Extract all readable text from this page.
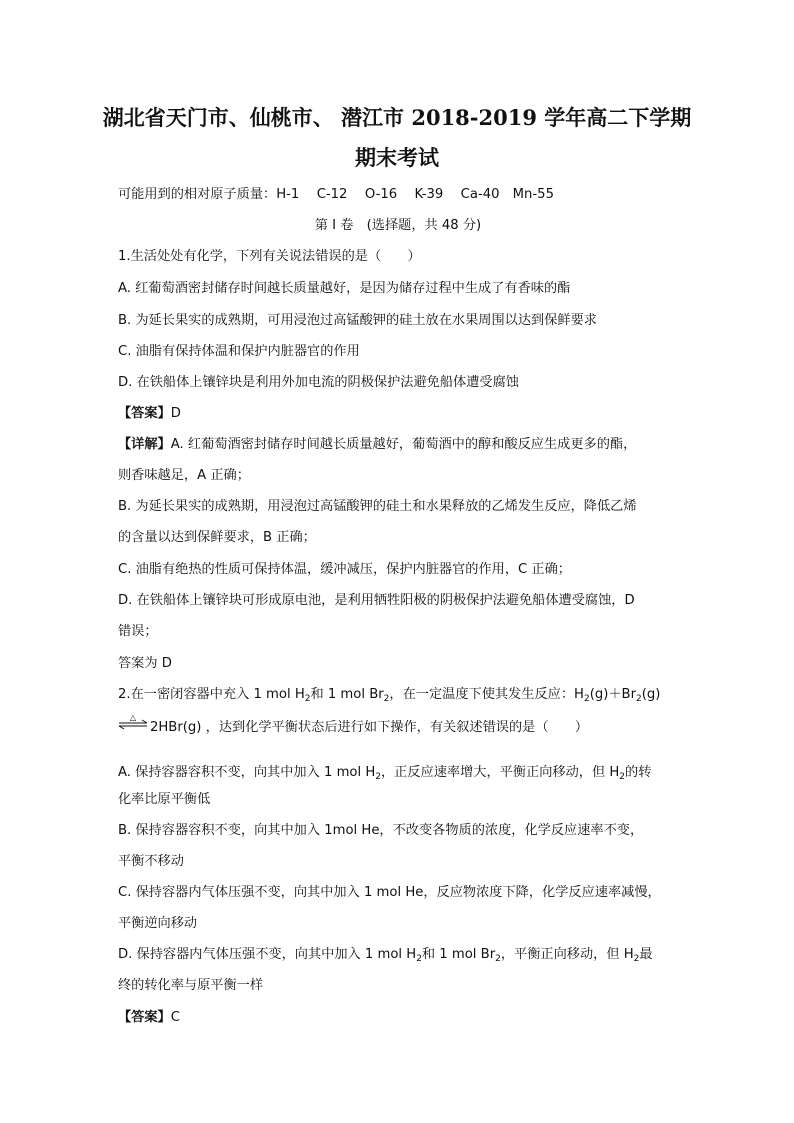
湖北省天门市、仙桃市、 潜江市 2018-2019 学年高二下学期
期末考试
可能用到的相对原子质量：H-1　 C-12　 O-16　 K-39　 Ca-40　Mn-55
第 I 卷　(选择题，共 48 分)
1.生活处处有化学，下列有关说法错误的是（　　）
A. 红葡萄酒密封储存时间越长质量越好，是因为储存过程中生成了有香味的酯
B. 为延长果实的成熟期，可用浸泡过高锰酸钾的硅土放在水果周围以达到保鲜要求
C. 油脂有保持体温和保护内脏器官的作用
D. 在铁船体上镶锌块是利用外加电流的阴极保护法避免船体遭受腐蚀
【答案】D
【详解】A. 红葡萄酒密封储存时间越长质量越好，葡萄酒中的醇和酸反应生成更多的酯，
则香味越足，A 正确；
B. 为延长果实的成熟期，用浸泡过高锰酸钾的硅土和水果释放的乙烯发生反应，降低乙烯
的含量以达到保鲜要求，B 正确；
C. 油脂有绝热的性质可保持体温，缓冲减压，保护内脏器官的作用，C 正确；
D. 在铁船体上镶锌块可形成原电池，是利用牺牲阳极的阴极保护法避免船体遭受腐蚀，D
错误；
答案为 D
2.在一密闭容器中充入 1 mol $H_2$和 1 mol $Br_2$，在一定温度下使其发生反应：$H_2(g)+Br_2(g)$
△
2HBr(g) ，达到化学平衡状态后进行如下操作，有关叙述错误的是（　　）
A. 保持容器容积不变，向其中加入 1 mol $H_2$，正反应速率增大，平衡正向移动，但 $H_2$的转
化率比原平衡低
B. 保持容器容积不变，向其中加入 1mol He，不改变各物质的浓度，化学反应速率不变，
平衡不移动
C. 保持容器内气体压强不变，向其中加入 1 mol He，反应物浓度下降，化学反应速率减慢，
平衡逆向移动
D. 保持容器内气体压强不变，向其中加入 1 mol $H_2$和 1 mol $Br_2$，平衡正向移动，但 $H_2$最
终的转化率与原平衡一样
【答案】C
